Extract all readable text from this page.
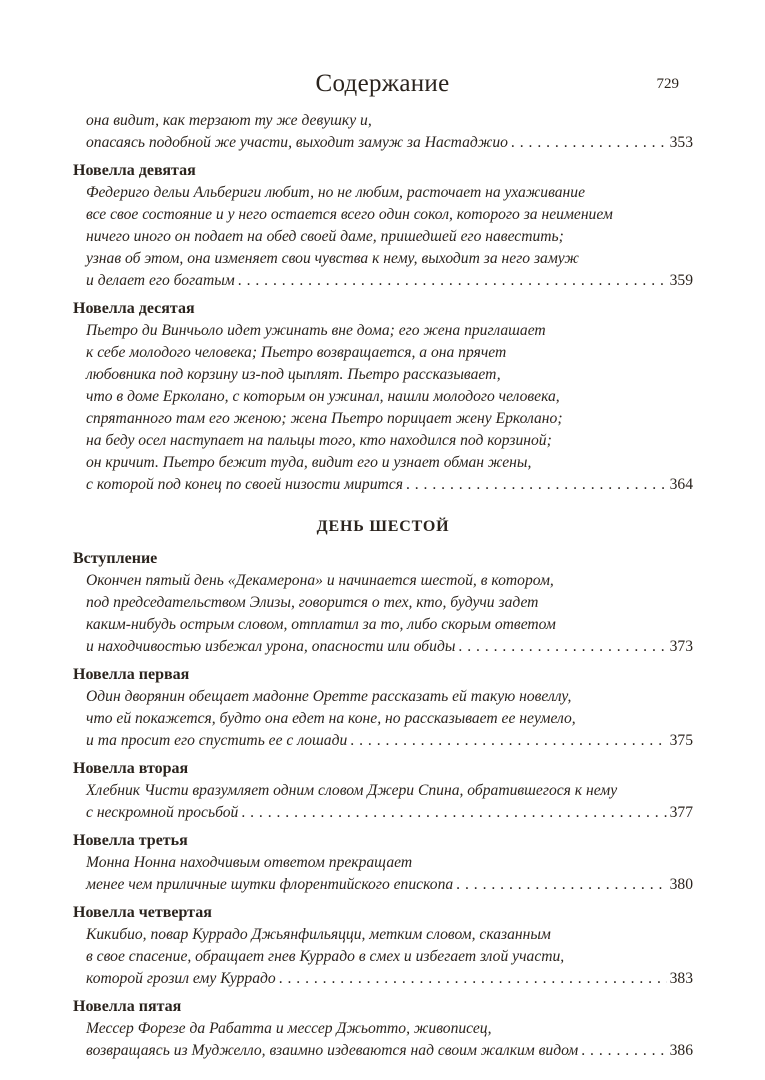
Содержание	729
она видит, как терзают ту же девушку и,
опасаясь подобной же участи, выходит замуж за Настаджио . . .	353
Новелла девятая
Федериго дельи Альбериги любит, но не любим, расточает на ухаживание
все свое состояние и у него остается всего один сокол, которого за неимением
ничего иного он подает на обед своей даме, пришедшей его навестить;
узнав об этом, она изменяет свои чувства к нему, выходит за него замуж
и делает его богатым . . .	359
Новелла десятая
Пьетро ди Винчьоло идет ужинать вне дома; его жена приглашает
к себе молодого человека; Пьетро возвращается, а она прячет
любовника под корзину из-под цыплят. Пьетро рассказывает,
что в доме Ерколано, с которым он ужинал, нашли молодого человека,
спрятанного там его женою; жена Пьетро порицает жену Ерколано;
на беду осел наступает на пальцы того, кто находился под корзиной;
он кричит. Пьетро бежит туда, видит его и узнает обман жены,
с которой под конец по своей низости мирится . . .	364
ДЕНЬ ШЕСТОЙ
Вступление
Окончен пятый день «Декамерона» и начинается шестой, в котором,
под председательством Элизы, говорится о тех, кто, будучи задет
каким-нибудь острым словом, отплатил за то, либо скорым ответом
и находчивостью избежал урона, опасности или обиды . . .	373
Новелла первая
Один дворянин обещает мадонне Оретте рассказать ей такую новеллу,
что ей покажется, будто она едет на коне, но рассказывает ее неумело,
и та просит его спустить ее с лошади . . .	375
Новелла вторая
Хлебник Чисти вразумляет одним словом Джери Спина, обратившегося к нему
с нескромной просьбой . . .	377
Новелла третья
Монна Нонна находчивым ответом прекращает
менее чем приличные шутки флорентийского епископа . . .	380
Новелла четвертая
Кикибио, повар Куррадо Джьянфильяцци, метким словом, сказанным
в свое спасение, обращает гнев Куррадо в смех и избегает злой участи,
которой грозил ему Куррадо . . .	383
Новелла пятая
Мессер Форезе да Рабатта и мессер Джьотто, живописец,
возвращаясь из Муджелло, взаимно издеваются над своим жалким видом . . .	386
